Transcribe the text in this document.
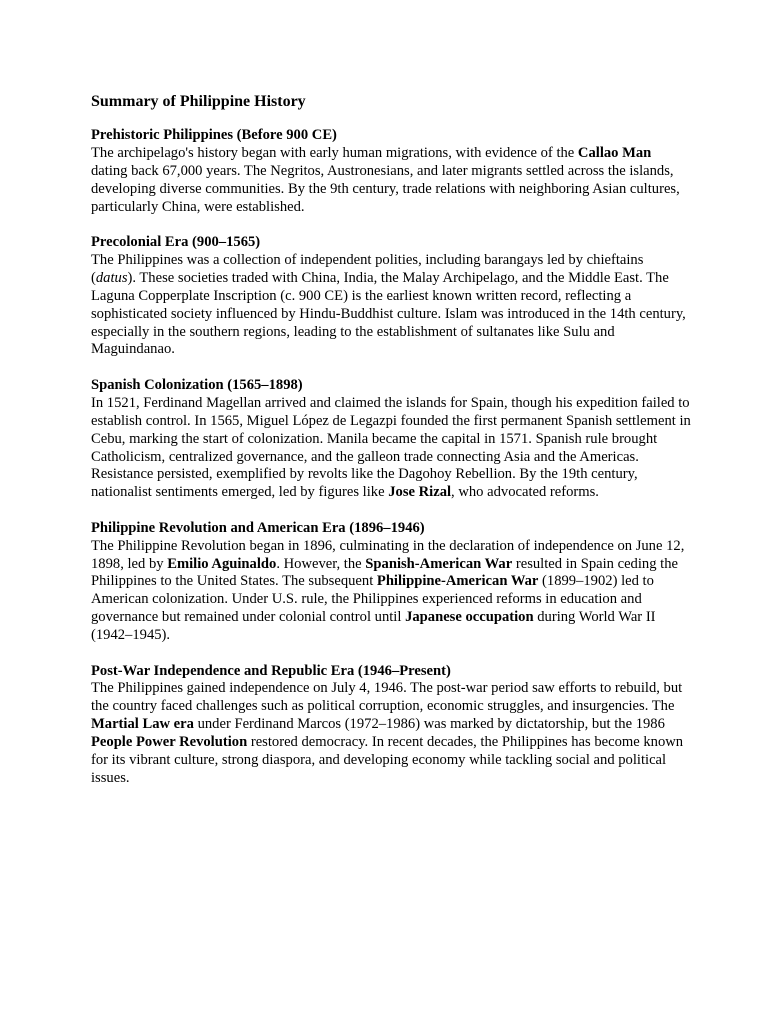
Summary of Philippine History

Prehistoric Philippines (Before 900 CE)

The archipelago's history began with early human migrations, with evidence of the Callao Man dating back 67,000 years. The Negritos, Austronesians, and later migrants settled across the islands, developing diverse communities. By the 9th century, trade relations with neighboring Asian cultures, particularly China, were established.

Precolonial Era (900–1565)

The Philippines was a collection of independent polities, including barangays led by chieftains (datus). These societies traded with China, India, the Malay Archipelago, and the Middle East. The Laguna Copperplate Inscription (c. 900 CE) is the earliest known written record, reflecting a sophisticated society influenced by Hindu-Buddhist culture. Islam was introduced in the 14th century, especially in the southern regions, leading to the establishment of sultanates like Sulu and Maguindanao.

Spanish Colonization (1565–1898)

In 1521, Ferdinand Magellan arrived and claimed the islands for Spain, though his expedition failed to establish control. In 1565, Miguel López de Legazpi founded the first permanent Spanish settlement in Cebu, marking the start of colonization. Manila became the capital in 1571. Spanish rule brought Catholicism, centralized governance, and the galleon trade connecting Asia and the Americas. Resistance persisted, exemplified by revolts like the Dagohoy Rebellion. By the 19th century, nationalist sentiments emerged, led by figures like Jose Rizal, who advocated reforms.

Philippine Revolution and American Era (1896–1946)

The Philippine Revolution began in 1896, culminating in the declaration of independence on June 12, 1898, led by Emilio Aguinaldo. However, the Spanish-American War resulted in Spain ceding the Philippines to the United States. The subsequent Philippine-American War (1899–1902) led to American colonization. Under U.S. rule, the Philippines experienced reforms in education and governance but remained under colonial control until Japanese occupation during World War II (1942–1945).

Post-War Independence and Republic Era (1946–Present)

The Philippines gained independence on July 4, 1946. The post-war period saw efforts to rebuild, but the country faced challenges such as political corruption, economic struggles, and insurgencies. The Martial Law era under Ferdinand Marcos (1972–1986) was marked by dictatorship, but the 1986 People Power Revolution restored democracy. In recent decades, the Philippines has become known for its vibrant culture, strong diaspora, and developing economy while tackling social and political issues.
